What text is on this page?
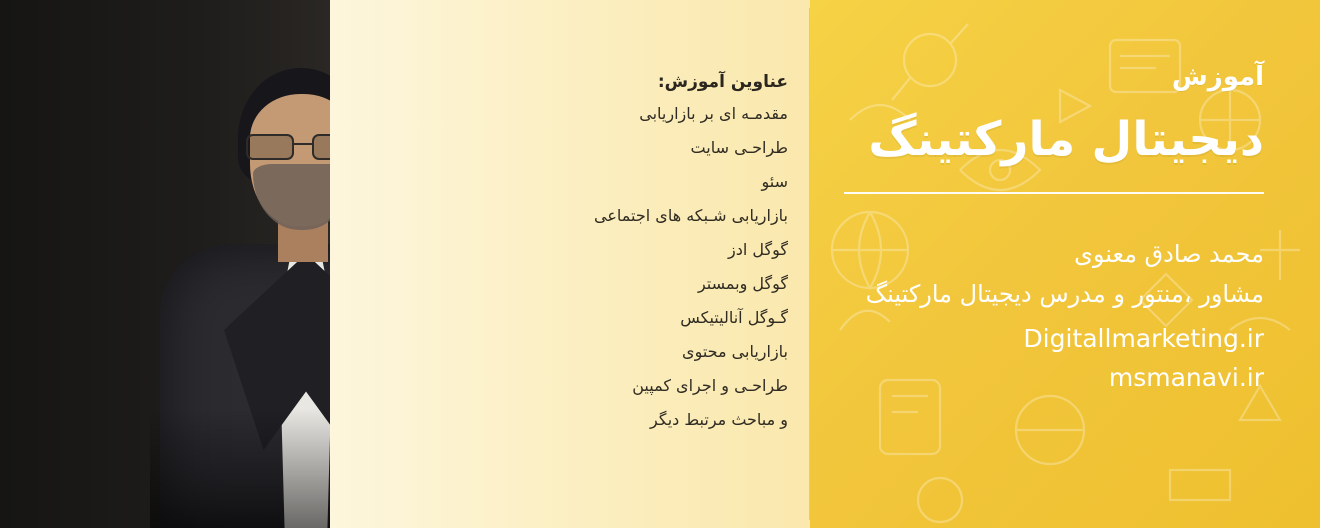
عناوین آموزش:
مقدمـه ای بر بازاریابی
طراحـی سایت
سئو
بازاریابی شـبکه های اجتماعی
گوگل ادز
گوگل وبمستر
گـوگل آنالیتیکس
بازاریابی محتوی
طراحـی و اجرای کمپین
و مباحث مرتبط دیگر
آموزش
دیجیتال مارکتینگ
محمد صادق معنوی
مشاور ،منتور و مدرس دیجیتال مارکتینگ
Digitallmarketing.ir
msmanavi.ir
